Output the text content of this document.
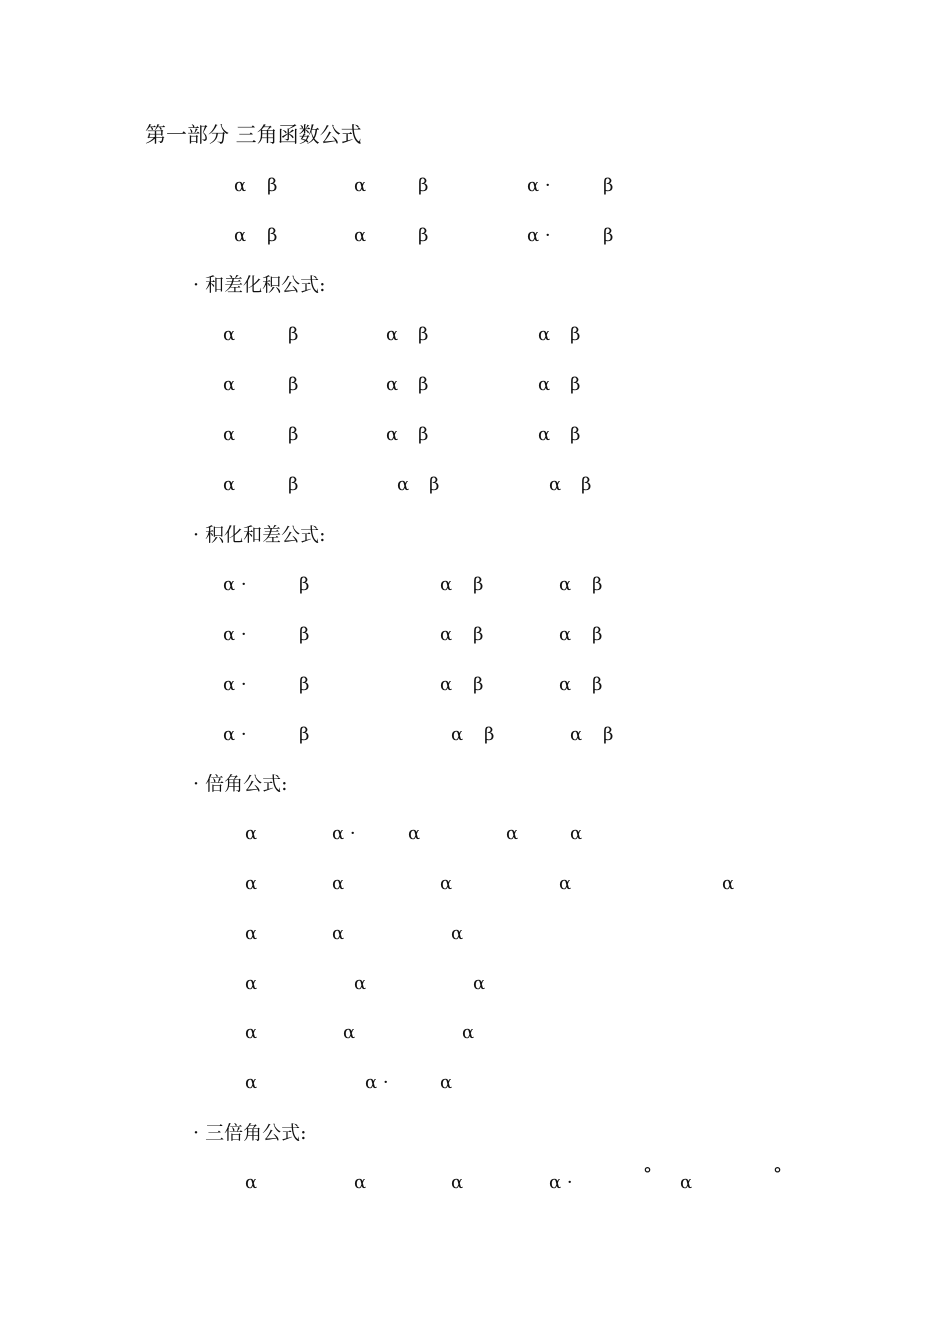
第一部分 三角函数公式
α β	α	β	α ·	β
α β	α	β	α ·	β
· 和差化积公式:
α	β	α β	α β
α	β	α β	α β
α	β	α β	α β
α	β	α β	α β
· 积化和差公式:
α ·	β	α β	α β
α ·	β	α β	α β
α ·	β	α β	α β
α ·	β	α β	α β
· 倍角公式:
α	α ·	α	α	α
α	α	α	α	α
α	α	α
α	α	α
α	α	α
α	α ·	α
· 三倍角公式:
α	α	α	α ·	° α	°
